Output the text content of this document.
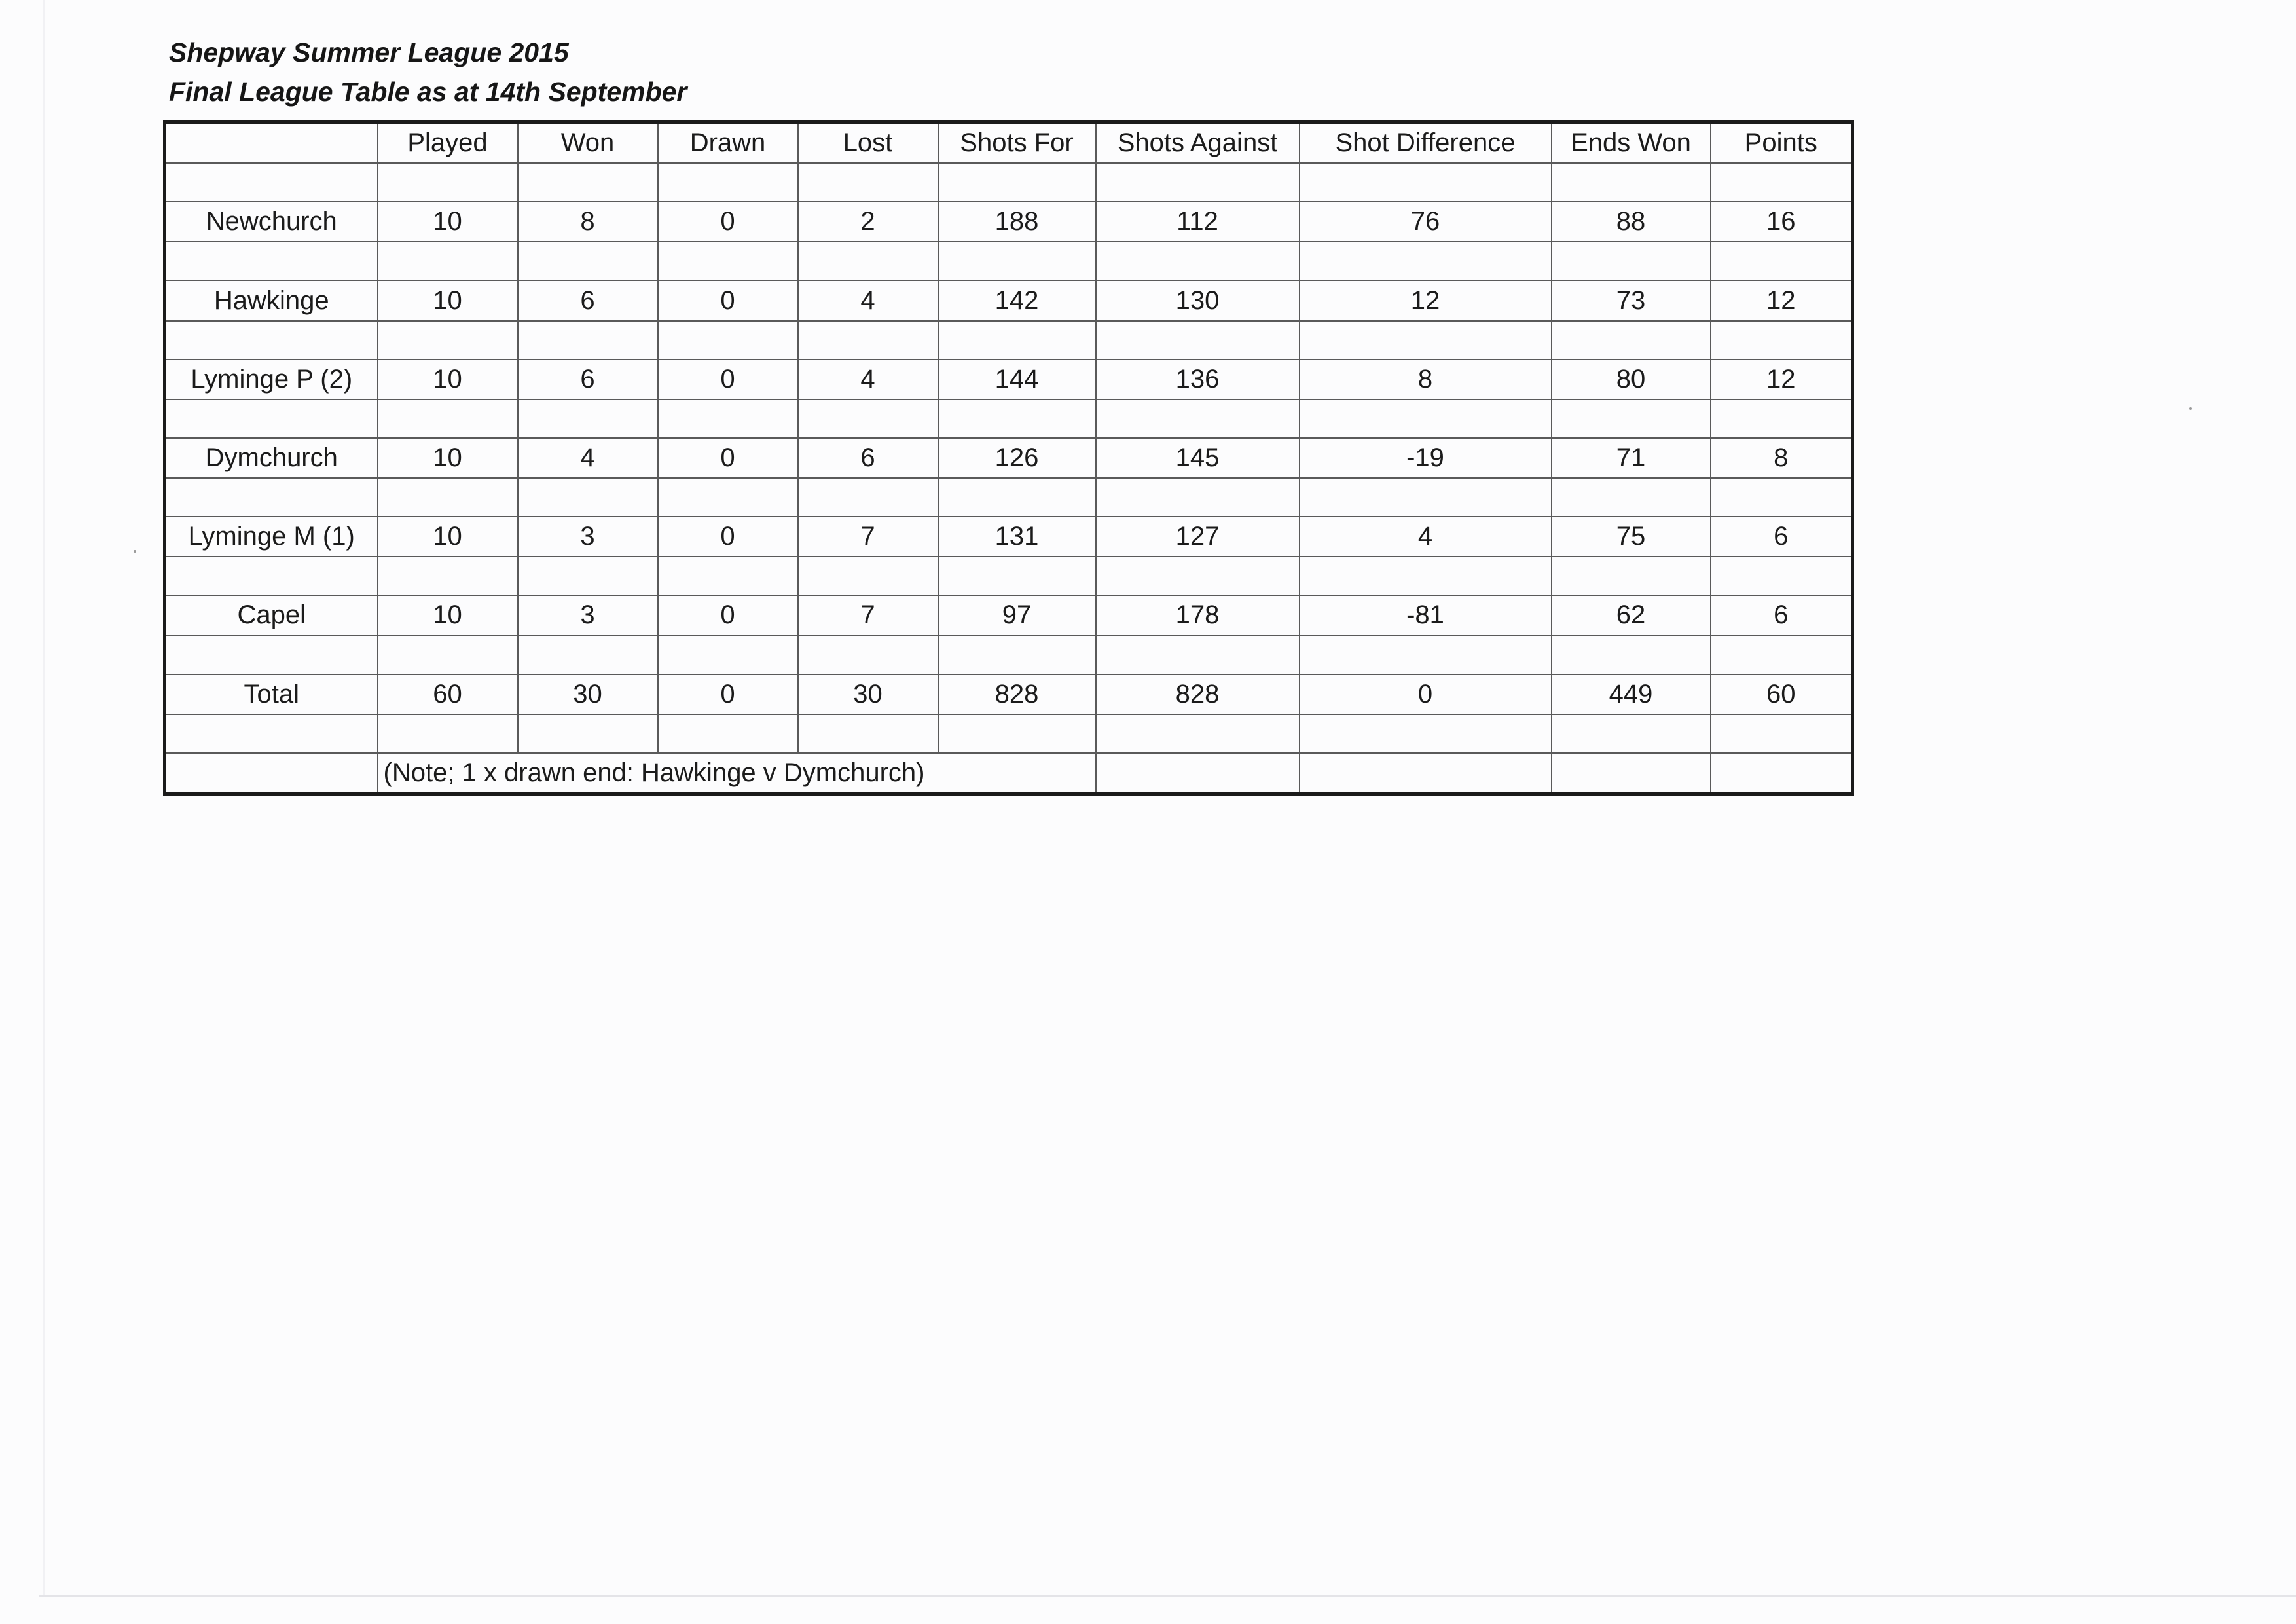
Shepway Summer League 2015
Final League Table as at 14th September
	Played	Won	Drawn	Lost	Shots For	Shots Against	Shot Difference	Ends Won	Points

Newchurch	10	8	0	2	188	112	76	88	16

Hawkinge	10	6	0	4	142	130	12	73	12

Lyminge P (2)	10	6	0	4	144	136	8	80	12

Dymchurch	10	4	0	6	126	145	-19	71	8

Lyminge M (1)	10	3	0	7	131	127	4	75	6

Capel	10	3	0	7	97	178	-81	62	6

Total	60	30	0	30	828	828	0	449	60

	(Note; 1 x drawn end: Hawkinge v Dymchurch)								
